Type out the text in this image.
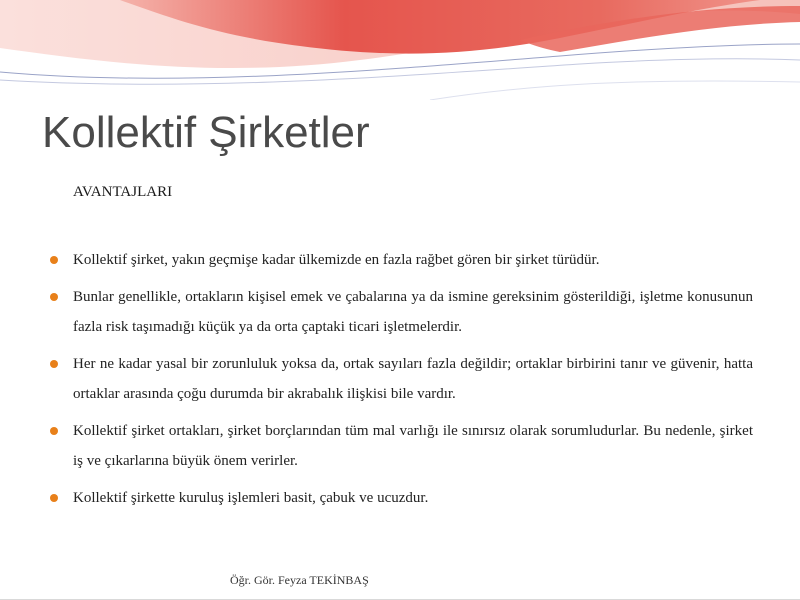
Kollektif Şirketler
AVANTAJLARI
Kollektif şirket, yakın geçmişe kadar ülkemizde en fazla rağbet gören bir şirket türüdür.
Bunlar genellikle, ortakların kişisel emek ve çabalarına ya da ismine gereksinim gösterildiği, işletme konusunun fazla risk taşımadığı küçük ya da orta çaptaki ticari işletmelerdir.
Her ne kadar yasal bir zorunluluk yoksa da, ortak sayıları fazla değildir; ortaklar birbirini tanır ve güvenir, hatta ortaklar arasında çoğu durumda bir akrabalık ilişkisi bile vardır.
Kollektif şirket ortakları, şirket borçlarından tüm mal varlığı ile sınırsız olarak sorumludurlar. Bu nedenle, şirket iş ve çıkarlarına büyük önem verirler.
Kollektif şirkette kuruluş işlemleri basit, çabuk ve ucuzdur.
Öğr. Gör. Feyza TEKİNBAŞ
